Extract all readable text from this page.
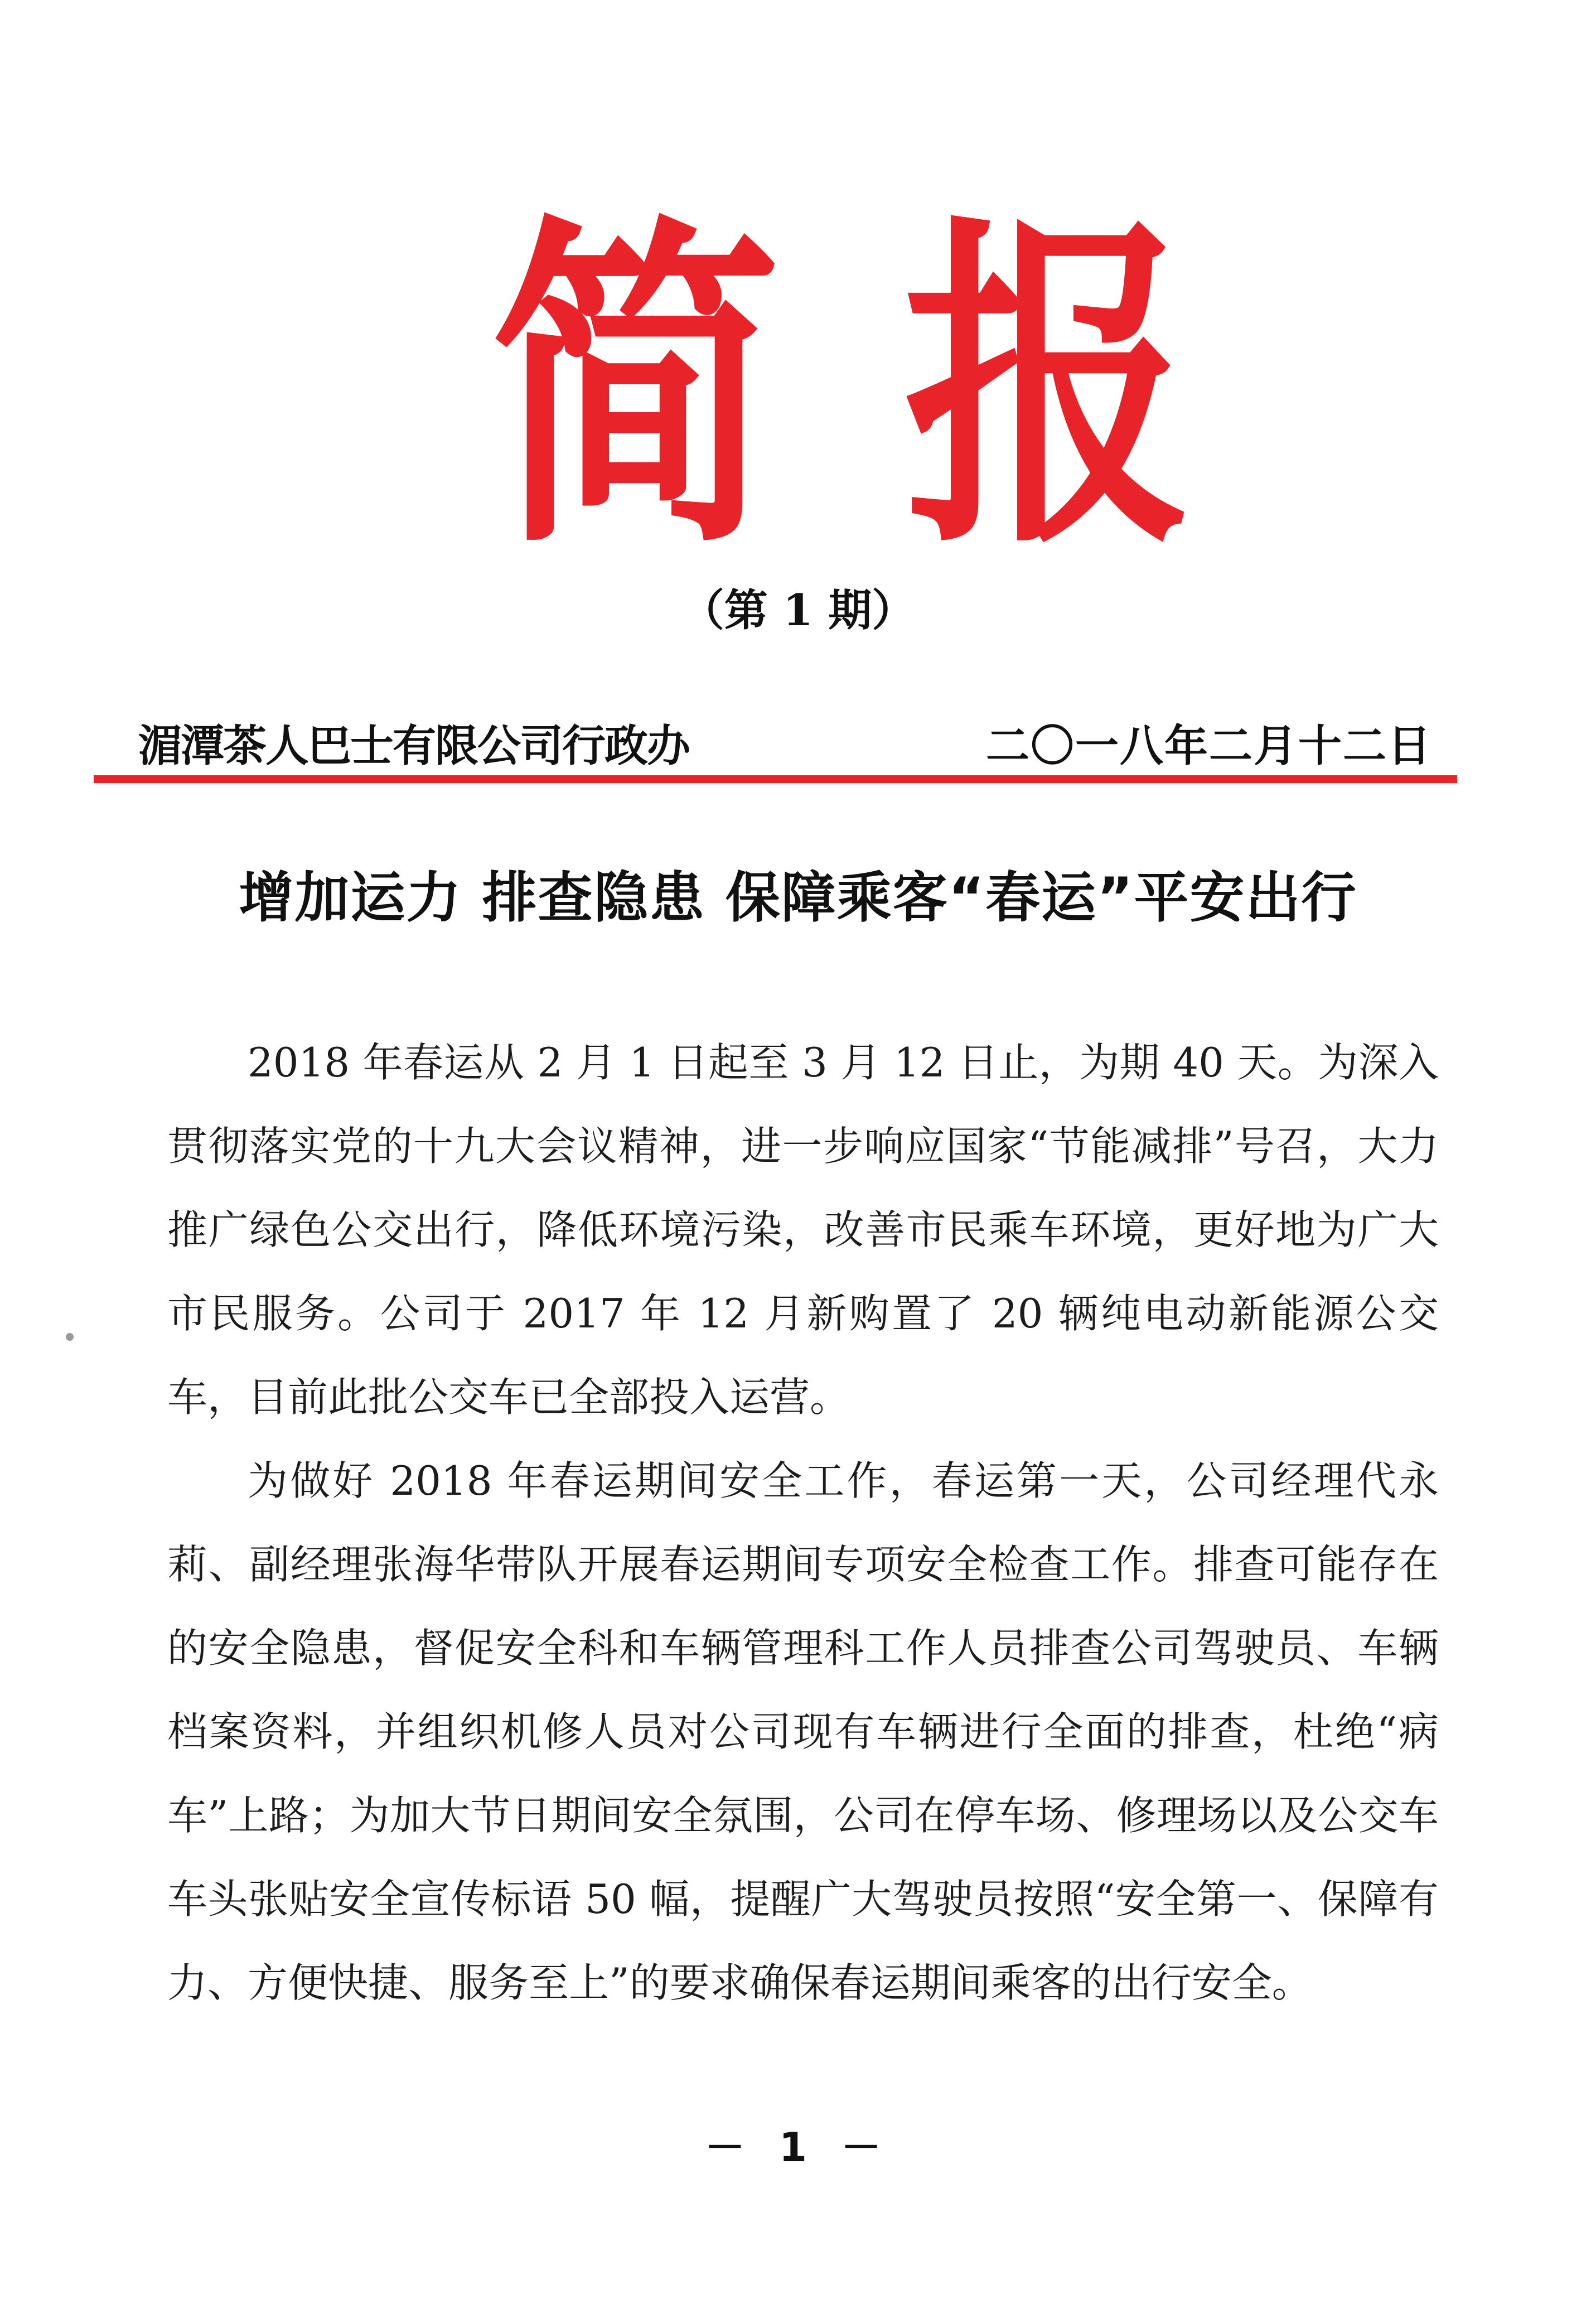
简 报
（第 1 期）
湄潭茶人巴士有限公司行政办	二〇一八年二月十二日
增加运力 排查隐患 保障乘客“春运”平安出行

2018 年春运从 2 月 1 日起至 3 月 12 日止，为期 40 天。为深入贯彻落实党的十九大会议精神，进一步响应国家“节能减排”号召，大力推广绿色公交出行，降低环境污染，改善市民乘车环境，更好地为广大市民服务。公司于 2017 年 12 月新购置了 20 辆纯电动新能源公交车，目前此批公交车已全部投入运营。

为做好 2018 年春运期间安全工作，春运第一天，公司经理代永莉、副经理张海华带队开展春运期间专项安全检查工作。排查可能存在的安全隐患，督促安全科和车辆管理科工作人员排查公司驾驶员、车辆档案资料，并组织机修人员对公司现有车辆进行全面的排查，杜绝“病车”上路；为加大节日期间安全氛围，公司在停车场、修理场以及公交车车头张贴安全宣传标语 50 幅，提醒广大驾驶员按照“安全第一、保障有力、方便快捷、服务至上”的要求确保春运期间乘客的出行安全。

－ 1 －
